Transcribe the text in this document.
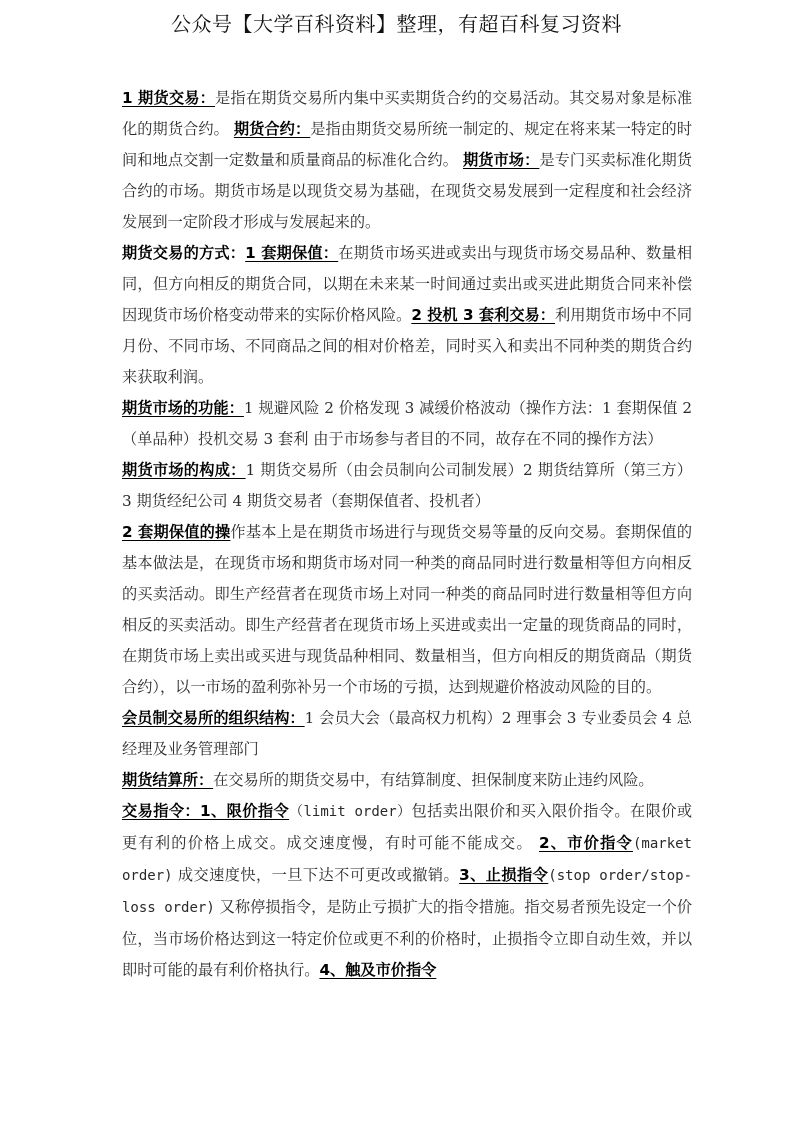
公众号【大学百科资料】整理，有超百科复习资料

1 期货交易：是指在期货交易所内集中买卖期货合约的交易活动。其交易对象是标准化的期货合约。 期货合约：是指由期货交易所统一制定的、规定在将来某一特定的时间和地点交割一定数量和质量商品的标准化合约。 期货市场：是专门买卖标准化期货合约的市场。期货市场是以现货交易为基础，在现货交易发展到一定程度和社会经济发展到一定阶段才形成与发展起来的。

期货交易的方式：1 套期保值：在期货市场买进或卖出与现货市场交易品种、数量相同，但方向相反的期货合同，以期在未来某一时间通过卖出或买进此期货合同来补偿因现货市场价格变动带来的实际价格风险。2 投机 3 套利交易：利用期货市场中不同月份、不同市场、不同商品之间的相对价格差，同时买入和卖出不同种类的期货合约来获取利润。

期货市场的功能：1 规避风险 2 价格发现 3 减缓价格波动（操作方法：1 套期保值 2（单品种）投机交易 3 套利 由于市场参与者目的不同，故存在不同的操作方法）

期货市场的构成：1 期货交易所（由会员制向公司制发展）2 期货结算所（第三方）3 期货经纪公司 4 期货交易者（套期保值者、投机者）

2 套期保值的操作基本上是在期货市场进行与现货交易等量的反向交易。套期保值的基本做法是，在现货市场和期货市场对同一种类的商品同时进行数量相等但方向相反的买卖活动。即生产经营者在现货市场上对同一种类的商品同时进行数量相等但方向相反的买卖活动。即生产经营者在现货市场上买进或卖出一定量的现货商品的同时，在期货市场上卖出或买进与现货品种相同、数量相当，但方向相反的期货商品（期货合约），以一市场的盈利弥补另一个市场的亏损，达到规避价格波动风险的目的。

会员制交易所的组织结构：1 会员大会（最高权力机构）2 理事会 3 专业委员会 4 总经理及业务管理部门

期货结算所：在交易所的期货交易中，有结算制度、担保制度来防止违约风险。

交易指令：1、限价指令（limit order）包括卖出限价和买入限价指令。在限价或更有利的价格上成交。成交速度慢，有时可能不能成交。 2、市价指令(market order) 成交速度快，一旦下达不可更改或撤销。3、止损指令(stop order/stop-loss order) 又称停损指令，是防止亏损扩大的指令措施。指交易者预先设定一个价位，当市场价格达到这一特定价位或更不利的价格时，止损指令立即自动生效，并以即时可能的最有利价格执行。4、触及市价指令
